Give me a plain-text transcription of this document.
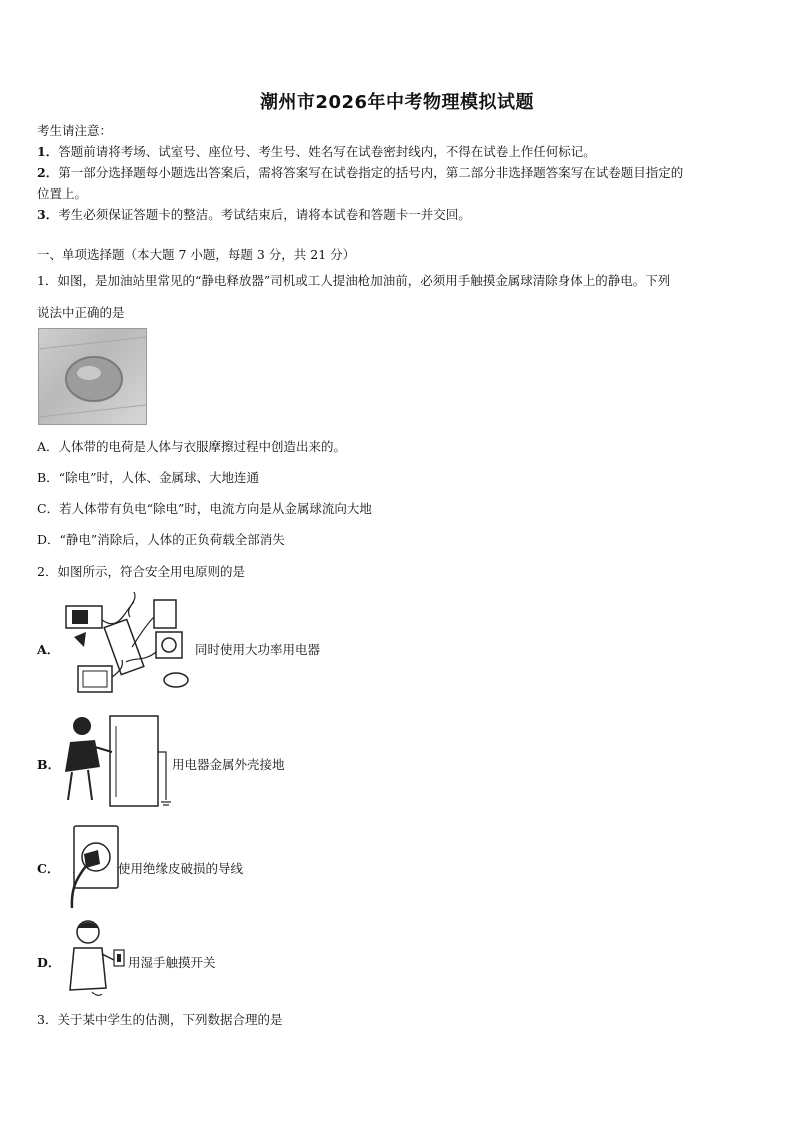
潮州市2026年中考物理模拟试题
考生请注意：
1．答题前请将考场、试室号、座位号、考生号、姓名写在试卷密封线内，不得在试卷上作任何标记。
2．第一部分选择题每小题选出答案后，需将答案写在试卷指定的括号内，第二部分非选择题答案写在试卷题目指定的
位置上。
3．考生必须保证答题卡的整洁。考试结束后，请将本试卷和答题卡一并交回。
一、单项选择题（本大题 7 小题，每题 3 分，共 21 分）
1．如图，是加油站里常见的“静电释放器”司机或工人提油枪加油前，必须用手触摸金属球清除身体上的静电。下列
说法中正确的是
A．人体带的电荷是人体与衣服摩擦过程中创造出来的。
B．“除电”时，人体、金属球、大地连通
C．若人体带有负电“除电”时，电流方向是从金属球流向大地
D．“静电”消除后，人体的正负荷载全部消失
2．如图所示，符合安全用电原则的是
A．	同时使用大功率用电器
B．	用电器金属外壳接地
C．	使用绝缘皮破损的导线
D．	用湿手触摸开关
3．关于某中学生的估测，下列数据合理的是
